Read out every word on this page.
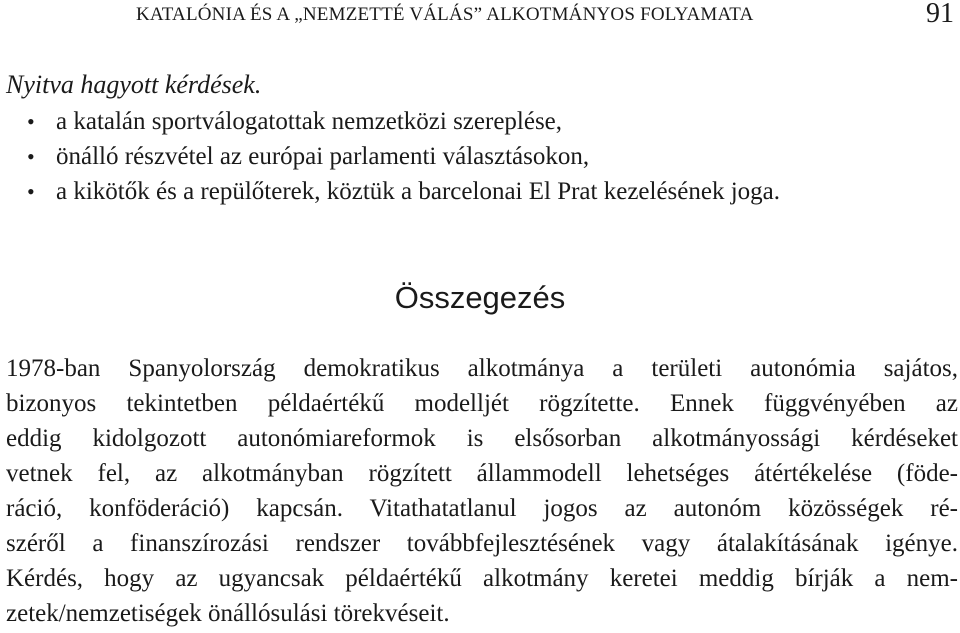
KATALÓNIA ÉS A „NEMZETTÉ VÁLÁS” ALKOTMÁNYOS FOLYAMATA	91
Nyitva hagyott kérdések.
• a katalán sportválogatottak nemzetközi szereplése,
• önálló részvétel az európai parlamenti választásokon,
• a kikötők és a repülőterek, köztük a barcelonai El Prat kezelésének joga.
Összegezés
1978-ban Spanyolország demokratikus alkotmánya a területi autonómia sajátos,
bizonyos tekintetben példaértékű modelljét rögzítette. Ennek függvényében az
eddig kidolgozott autonómiareformok is elsősorban alkotmányossági kérdéseket
vetnek fel, az alkotmányban rögzített állammodell lehetséges átértékelése (föde-
ráció, konföderáció) kapcsán. Vitathatatlanul jogos az autonóm közösségek ré-
széről a finanszírozási rendszer továbbfejlesztésének vagy átalakításának igénye.
Kérdés, hogy az ugyancsak példaértékű alkotmány keretei meddig bírják a nem-
zetek/nemzetiségek önállósulási törekvéseit.
